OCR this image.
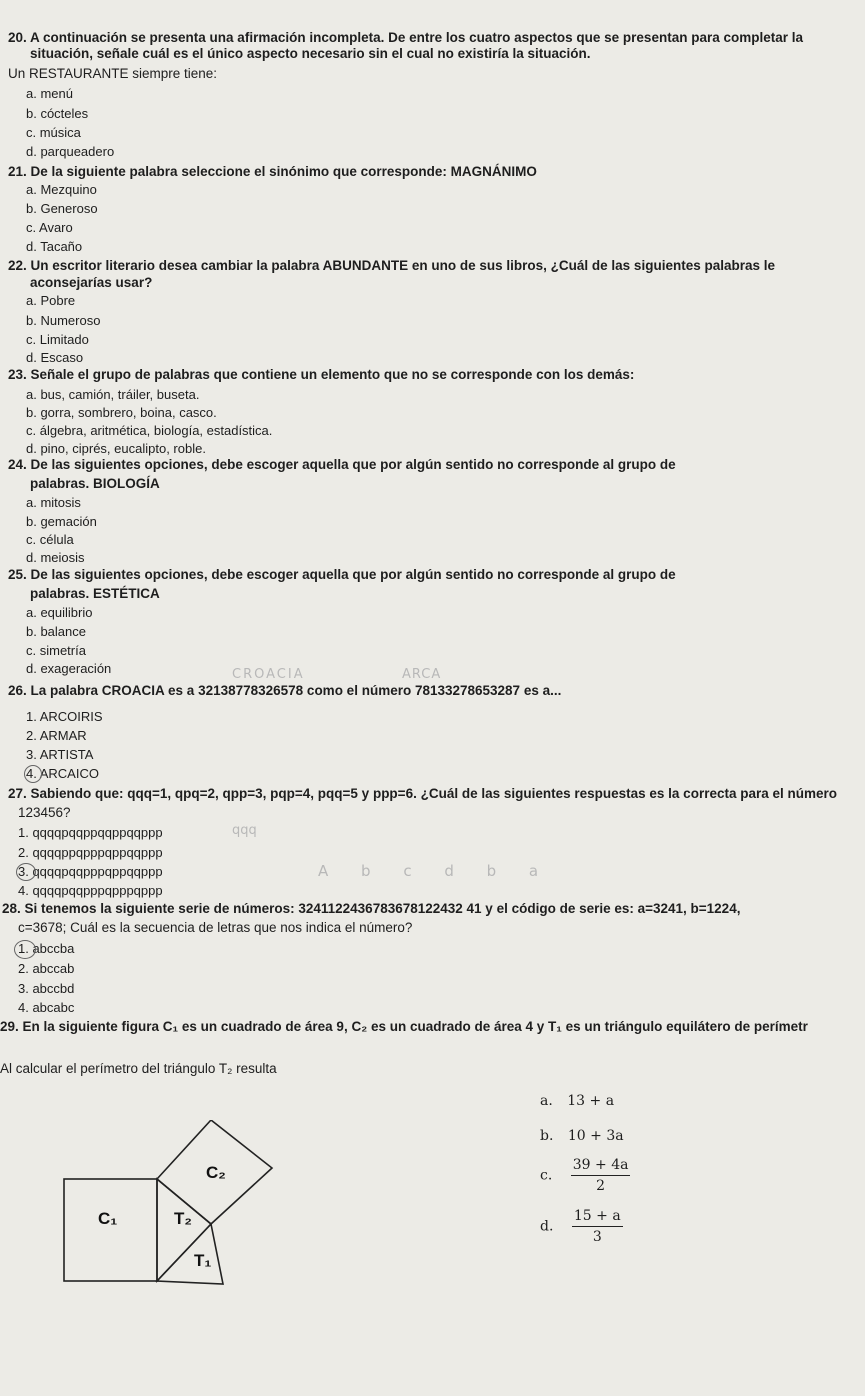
20. A continuación se presenta una afirmación incompleta. De entre los cuatro aspectos que se presentan para completar la
situación, señale cuál es el único aspecto necesario sin el cual no existiría la situación.
Un RESTAURANTE siempre tiene:
a. menú
b. cócteles
c. música
d. parqueadero
21. De la siguiente palabra seleccione el sinónimo que corresponde: MAGNÁNIMO
a. Mezquino
b. Generoso
c. Avaro
d. Tacaño
22. Un escritor literario desea cambiar la palabra ABUNDANTE en uno de sus libros, ¿Cuál de las siguientes palabras le
aconsejarías usar?
a. Pobre
b. Numeroso
c. Limitado
d. Escaso
23. Señale el grupo de palabras que contiene un elemento que no se corresponde con los demás:
a. bus, camión, tráiler, buseta.
b. gorra, sombrero, boina, casco.
c. álgebra, aritmética, biología, estadística.
d. pino, ciprés, eucalipto, roble.
24. De las siguientes opciones, debe escoger aquella que por algún sentido no corresponde al grupo de
palabras. BIOLOGÍA
a. mitosis
b. gemación
c. célula
d. meiosis
25. De las siguientes opciones, debe escoger aquella que por algún sentido no corresponde al grupo de
palabras. ESTÉTICA
a. equilibrio
b. balance
c. simetría
d. exageración	CROACIA	ARCA
26. La palabra CROACIA es a 32138778326578 como el número 78133278653287 es a...
1. ARCOIRIS
2. ARMAR
3. ARTISTA
4. ARCAICO
27. Sabiendo que: qqq=1, qpq=2, qpp=3, pqp=4, pqq=5 y ppp=6. ¿Cuál de las siguientes respuestas es la correcta para el número
123456?
1. qqqqpqqppqqppqqppp
2. qqqqppqpppqppqqppp
3. qqqqpqqpppqppqqppp
4. qqqqpqqpppqpppqppp
qqq
A b c d b a
28. Si tenemos la siguiente serie de números: 3241122436783678122432 41 y el código de serie es: a=3241, b=1224,
c=3678; Cuál es la secuencia de letras que nos indica el número?
1. abccba
2. abccab
3. abccbd
4. abcabc
29. En la siguiente figura C₁ es un cuadrado de área 9, C₂ es un cuadrado de área 4 y T₁ es un triángulo equilátero de perímetr
Al calcular el perímetro del triángulo T₂ resulta
a. 13 + a
b. 10 + 3a
c. $\frac{39 + 4a}{2}$
d. $\frac{15 + a}{3}$
C₂
C₁	T₂
T₁
